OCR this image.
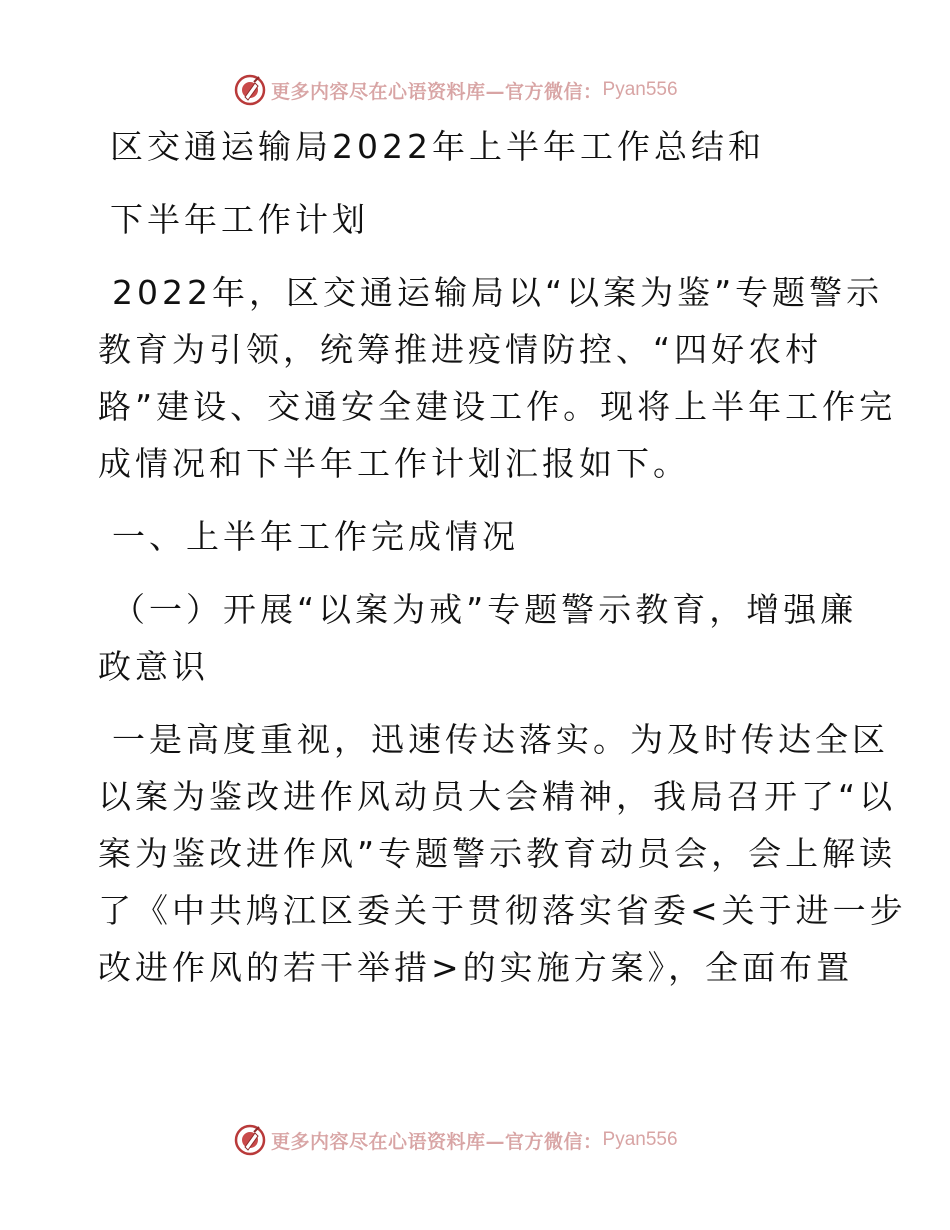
更多内容尽在心语资料库—官方微信： Pyan556
区交通运输局2022年上半年工作总结和
下半年工作计划
2022年，区交通运输局以“以案为鉴”专题警示
教育为引领，统筹推进疫情防控、“四好农村
路”建设、交通安全建设工作。现将上半年工作完
成情况和下半年工作计划汇报如下。
一、上半年工作完成情况
（一）开展“以案为戒”专题警示教育，增强廉
政意识
一是高度重视，迅速传达落实。为及时传达全区
以案为鉴改进作风动员大会精神，我局召开了“以
案为鉴改进作风”专题警示教育动员会，会上解读
了《中共鸠江区委关于贯彻落实省委<关于进一步
改进作风的若干举措>的实施方案》，全面布置
更多内容尽在心语资料库—官方微信： Pyan556
